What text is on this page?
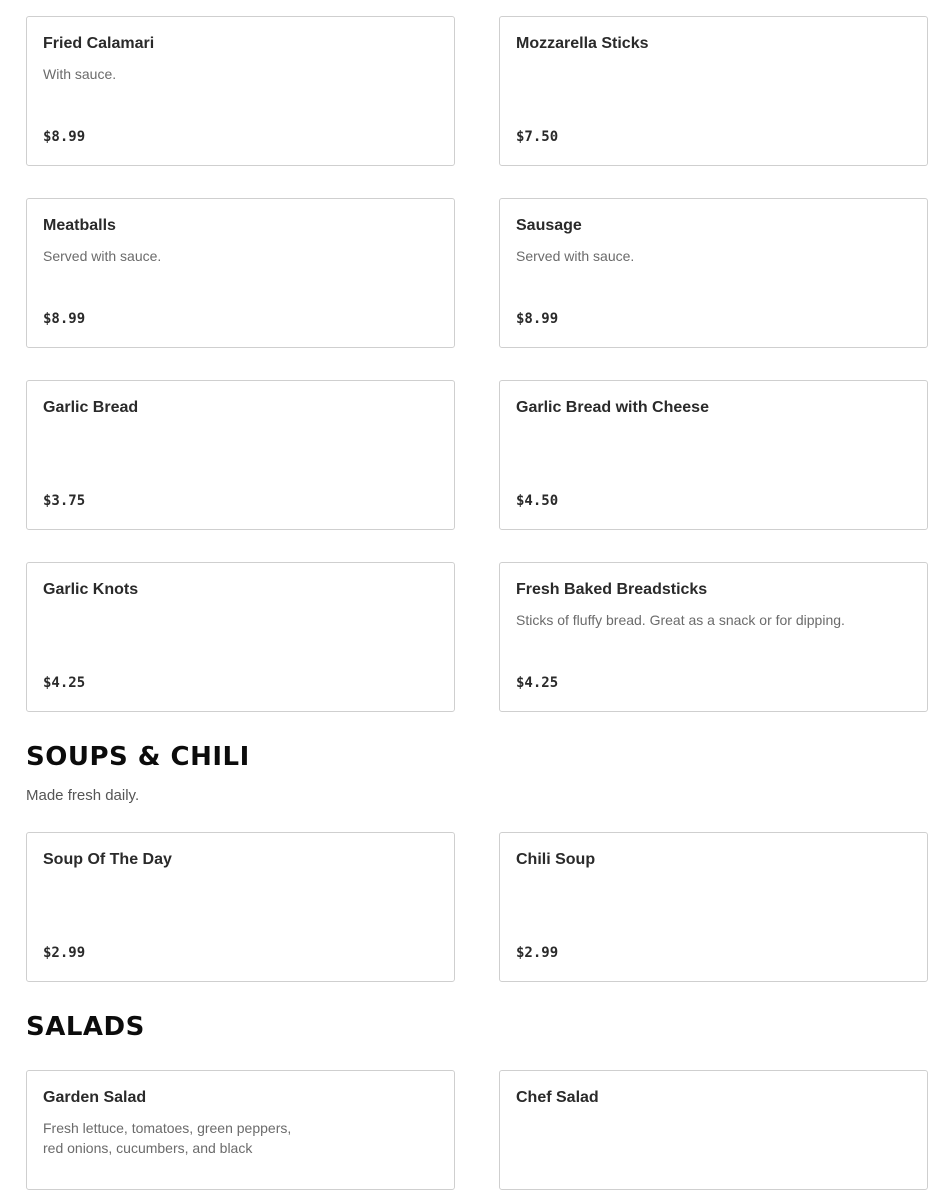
Fried Calamari
With sauce.
$8.99
Mozzarella Sticks
$7.50
Meatballs
Served with sauce.
$8.99
Sausage
Served with sauce.
$8.99
Garlic Bread
$3.75
Garlic Bread with Cheese
$4.50
Garlic Knots
$4.25
Fresh Baked Breadsticks
Sticks of fluffy bread. Great as a snack or for dipping.
$4.25
SOUPS & CHILI
Made fresh daily.
Soup Of The Day
$2.99
Chili Soup
$2.99
SALADS
Garden Salad
Fresh lettuce, tomatoes, green peppers, red onions, cucumbers, and black
Chef Salad
